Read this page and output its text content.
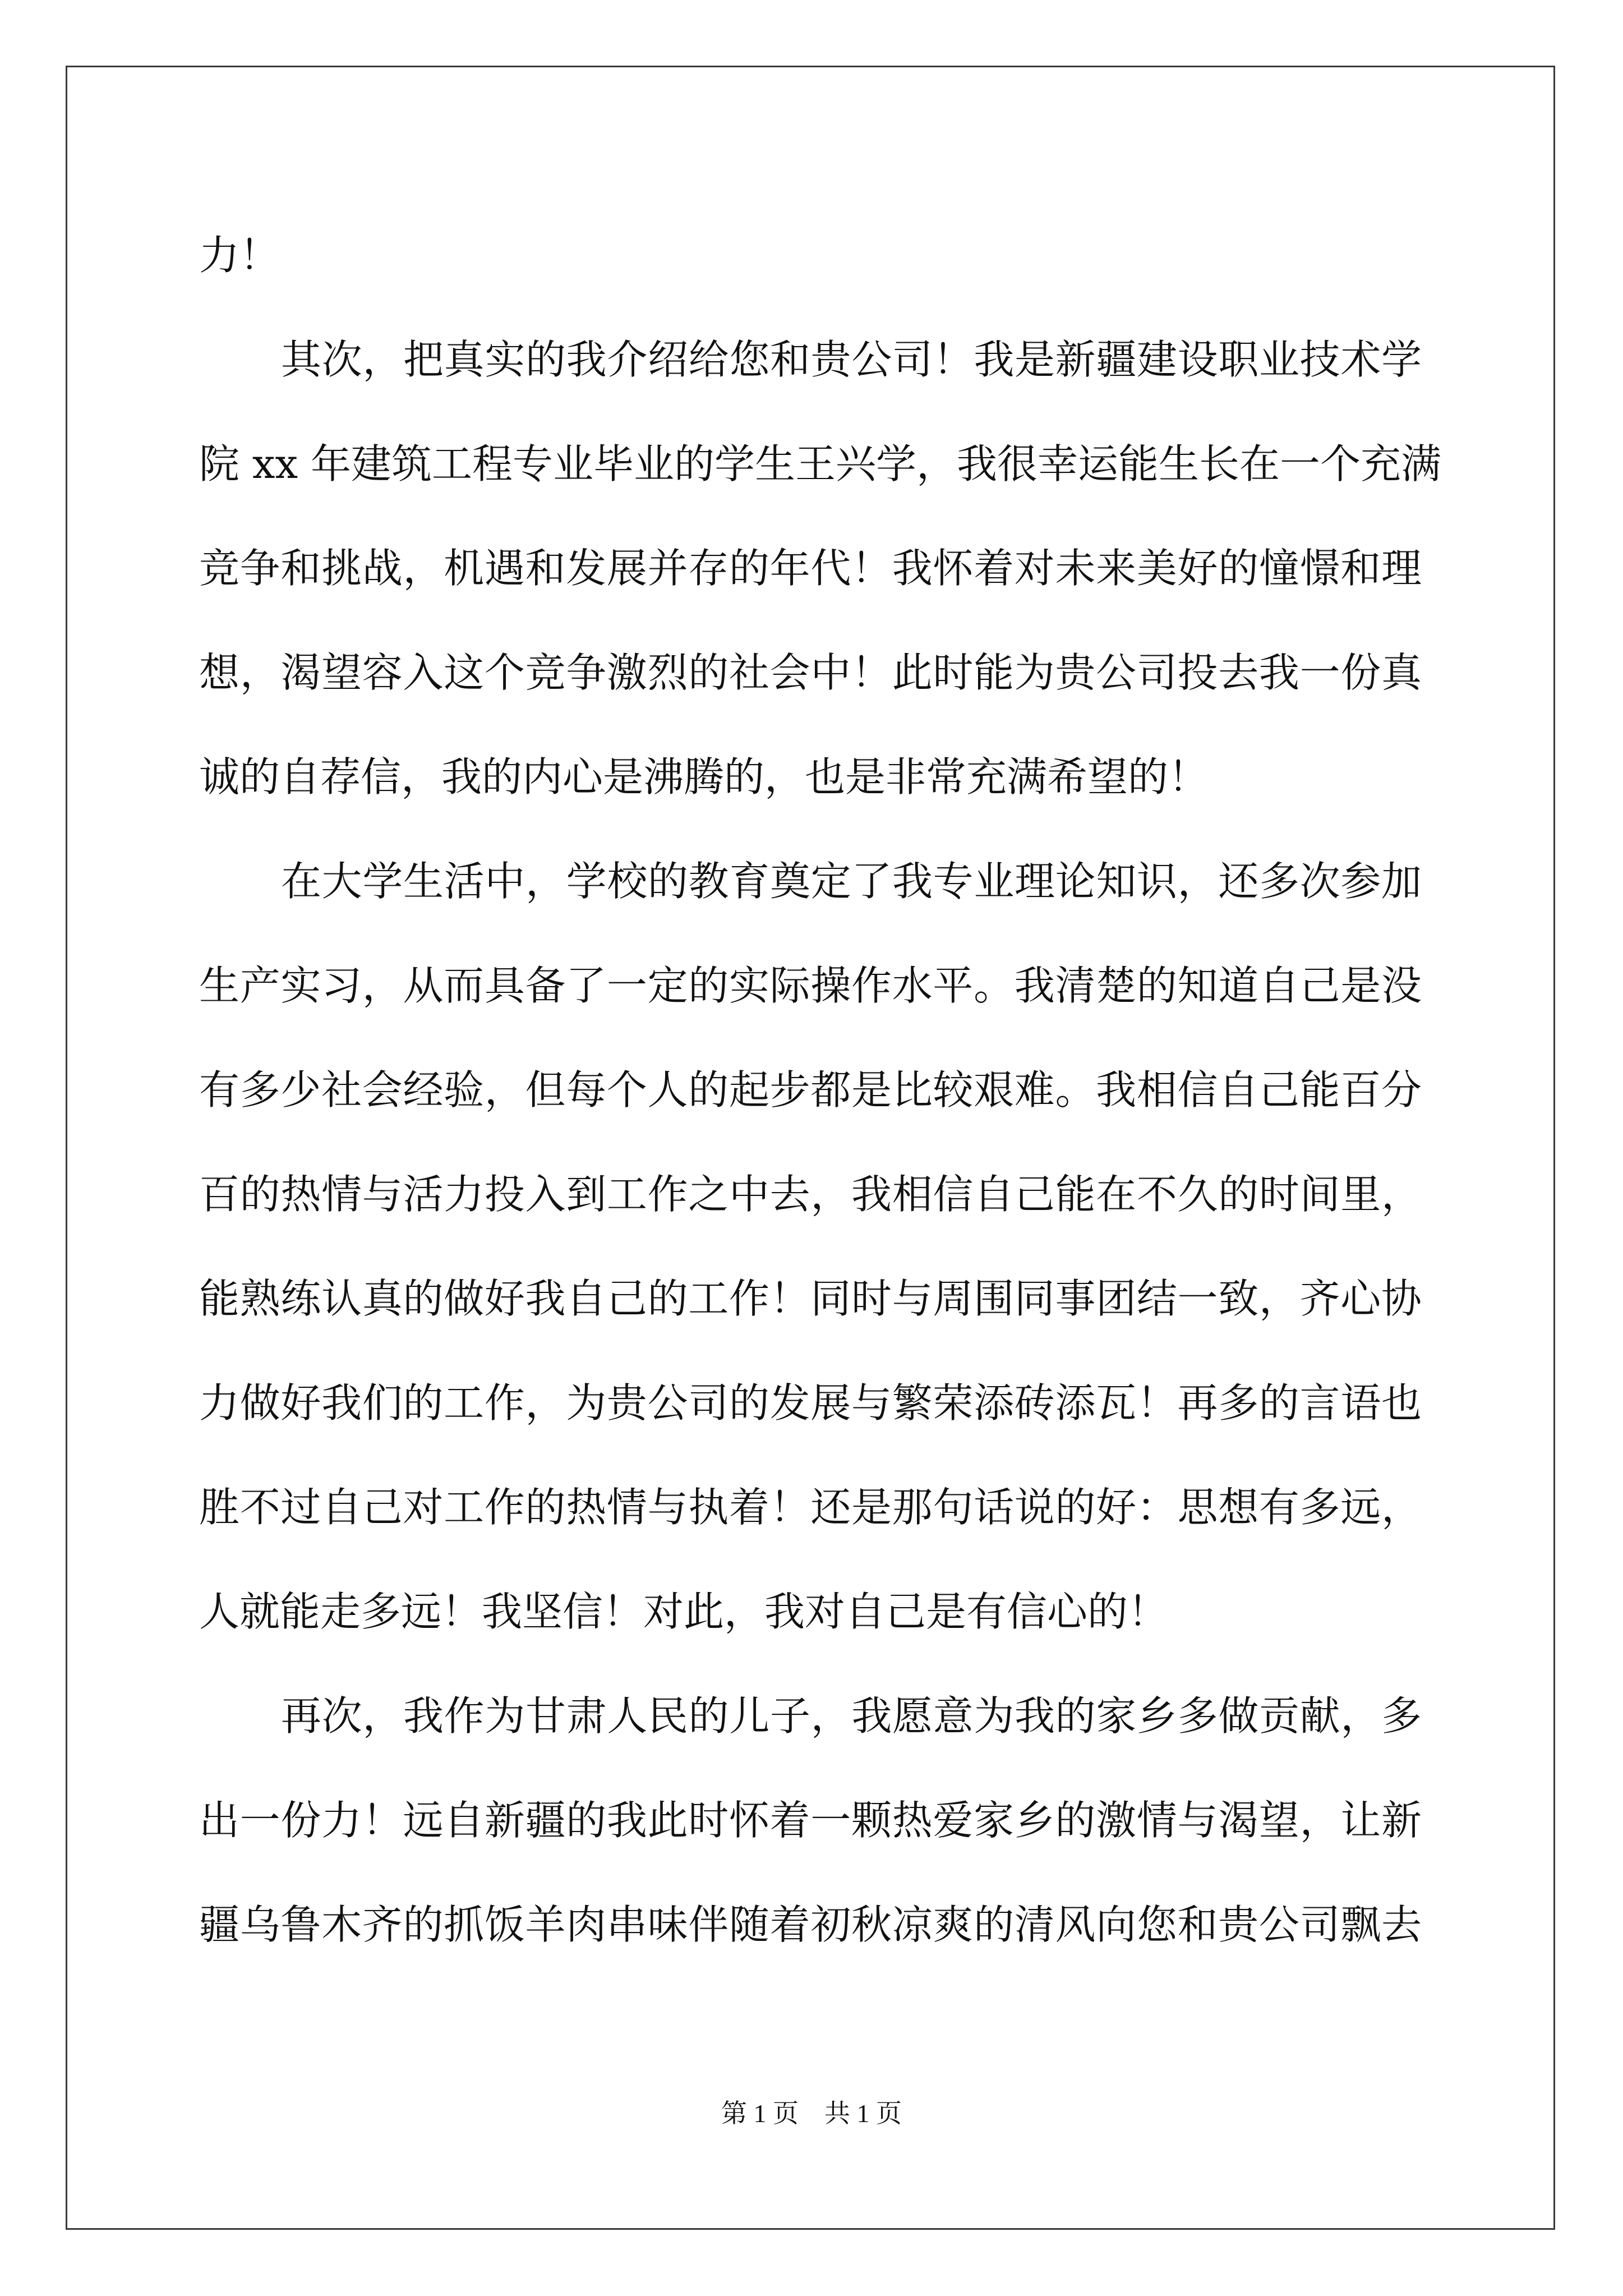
力！
其次，把真实的我介绍给您和贵公司！我是新疆建设职业技术学
院 xx 年建筑工程专业毕业的学生王兴学，我很幸运能生长在一个充满
竞争和挑战，机遇和发展并存的年代！我怀着对未来美好的憧憬和理
想，渴望容入这个竞争激烈的社会中！此时能为贵公司投去我一份真
诚的自荐信，我的内心是沸腾的，也是非常充满希望的！
在大学生活中，学校的教育奠定了我专业理论知识，还多次参加
生产实习，从而具备了一定的实际操作水平。我清楚的知道自己是没
有多少社会经验，但每个人的起步都是比较艰难。我相信自己能百分
百的热情与活力投入到工作之中去，我相信自己能在不久的时间里，
能熟练认真的做好我自己的工作！同时与周围同事团结一致，齐心协
力做好我们的工作，为贵公司的发展与繁荣添砖添瓦！再多的言语也
胜不过自己对工作的热情与执着！还是那句话说的好：思想有多远，
人就能走多远！我坚信！对此，我对自己是有信心的！
再次，我作为甘肃人民的儿子，我愿意为我的家乡多做贡献，多
出一份力！远自新疆的我此时怀着一颗热爱家乡的激情与渴望，让新
疆乌鲁木齐的抓饭羊肉串味伴随着初秋凉爽的清风向您和贵公司飘去
第 1 页 共 1 页
